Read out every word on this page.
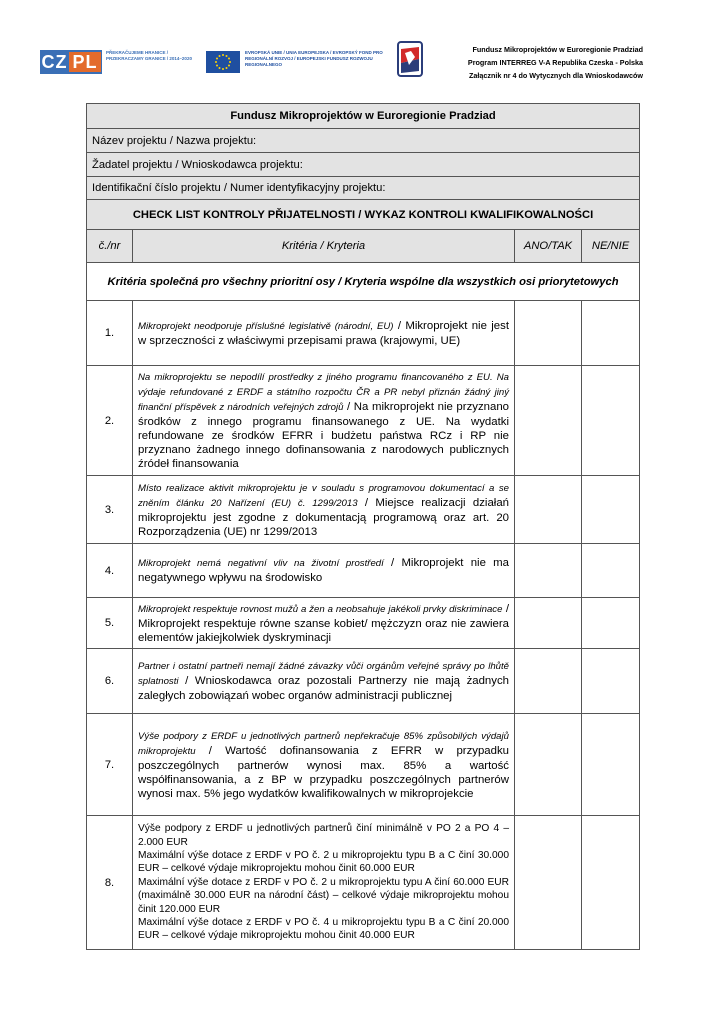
CZ PL	PŘEKRAČUJEME HRANICE / PRZEKRACZAMY GRANICE / 2014–2020
EVROPSKÁ UNIE / UNIA EUROPEJSKA / EVROPSKÝ FOND PRO REGIONÁLNÍ ROZVOJ / EUROPEJSKI FUNDUSZ ROZWOJU REGIONALNEGO
Fundusz Mikroprojektów w Euroregionie Pradziad
Program INTERREG V-A Republika Czeska - Polska
Załącznik nr 4 do Wytycznych dla Wnioskodawców
Fundusz Mikroprojektów w Euroregionie Pradziad			
Název projektu / Nazwa projektu:			
Žadatel projektu / Wnioskodawca projektu:			
Identifikační číslo projektu / Numer identyfikacyjny projektu:			
CHECK LIST KONTROLY PŘIJATELNOSTI / WYKAZ KONTROLI KWALIFIKOWALNOŚCI			
č./nr	Kritéria / Kryteria	ANO/TAK	NE/NIE
Kritéria společná pro všechny prioritní osy / Kryteria wspólne dla wszystkich osi priorytetowych			
1.	Mikroprojekt neodporuje příslušné legislativě (národní, EU) / Mikroprojekt nie jest w sprzeczności z właściwymi przepisami prawa (krajowymi, UE)		
2.	Na mikroprojektu se nepodílí prostředky z jiného programu financovaného z EU. Na výdaje refundované z ERDF a státního rozpočtu ČR a PR nebyl přiznán žádný jiný finanční příspěvek z národních veřejných zdrojů / Na mikroprojekt nie przyznano środków z innego programu finansowanego z UE. Na wydatki refundowane ze środków EFRR i budżetu państwa RCz i RP nie przyznano żadnego innego dofinansowania z narodowych publicznych źródeł finansowania		
3.	Místo realizace aktivit mikroprojektu je v souladu s programovou dokumentací a se zněním článku 20 Nařízení (EU) č. 1299/2013 / Miejsce realizacji działań mikroprojektu jest zgodne z dokumentacją programową oraz art. 20 Rozporządzenia (UE) nr 1299/2013		
4.	Mikroprojekt nemá negativní vliv na životní prostředí / Mikroprojekt nie ma negatywnego wpływu na środowisko		
5.	Mikroprojekt respektuje rovnost mužů a žen a neobsahuje jakékoli prvky diskriminace / Mikroprojekt respektuje równe szanse kobiet/ mężczyzn oraz nie zawiera elementów jakiejkolwiek dyskryminacji		
6.	Partner i ostatní partneři nemají žádné závazky vůči orgánům veřejné správy po lhůtě splatnosti / Wnioskodawca oraz pozostali Partnerzy nie mają żadnych zaległych zobowiązań wobec organów administracji publicznej		
7.	Výše podpory z ERDF u jednotlivých partnerů nepřekračuje 85% způsobilých výdajů mikroprojektu / Wartość dofinansowania z EFRR w przypadku poszczególnych partnerów wynosi max. 85% a wartość współfinansowania, a z BP w przypadku poszczególnych partnerów wynosi max. 5% jego wydatków kwalifikowalnych w mikroprojekcie		
8.	Výše podpory z ERDF u jednotlivých partnerů činí minimálně v PO 2 a PO 4 – 2.000 EUR
Maximální výše dotace z ERDF v PO č. 2 u mikroprojektu typu B a C činí 30.000 EUR – celkové výdaje mikroprojektu mohou činit 60.000 EUR
Maximální výše dotace z ERDF v PO č. 2 u mikroprojektu typu A činí 60.000 EUR (maximálně 30.000 EUR na národní část) – celkové výdaje mikroprojektu mohou činit 120.000 EUR
Maximální výše dotace z ERDF v PO č. 4 u mikroprojektu typu B a C činí 20.000 EUR – celkové výdaje mikroprojektu mohou činit 40.000 EUR		
